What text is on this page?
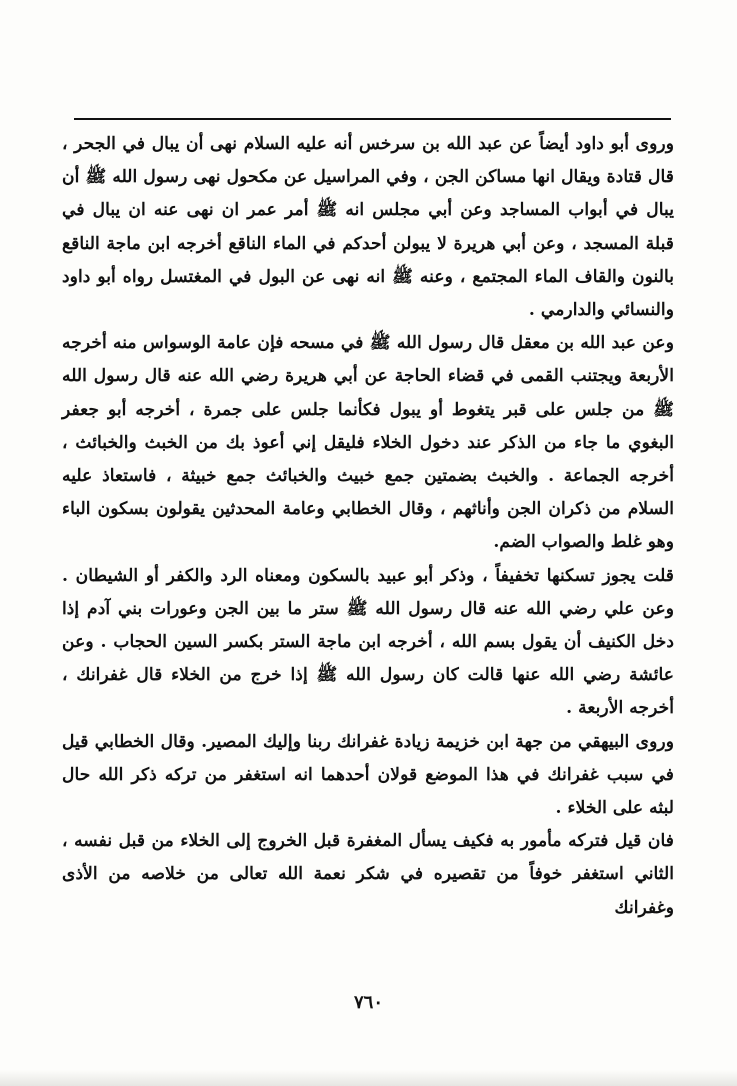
وروى أبو داود أيضاً عن عبد الله بن سرخس أنه عليه السلام نهى أن يبال في الجحر ، قال قتادة ويقال انها مساكن الجن ، وفي المراسيل عن مكحول نهى رسول الله ﷺ أن يبال في أبواب المساجد وعن أبي مجلس انه ﷺ أمر عمر ان نهى عنه ان يبال في قبلة المسجد ، وعن أبي هريرة لا يبولن أحدكم في الماء الناقع أخرجه ابن ماجة الناقع بالنون والقاف الماء المجتمع ، وعنه ﷺ انه نهى عن البول في المغتسل رواه أبو داود والنسائي والدارمي .

وعن عبد الله بن معقل قال رسول الله ﷺ في مسحه فإن عامة الوسواس منه أخرجه الأربعة ويجتنب القمى في قضاء الحاجة عن أبي هريرة رضي الله عنه قال رسول الله ﷺ من جلس على قبر يتغوط أو يبول فكأنما جلس على جمرة ، أخرجه أبو جعفر البغوي ما جاء من الذكر عند دخول الخلاء فليقل إني أعوذ بك من الخبث والخبائث ، أخرجه الجماعة . والخبث بضمتين جمع خبيث والخبائث جمع خبيثة ، فاستعاذ عليه السلام من ذكران الجن وأناثهم ، وقال الخطابي وعامة المحدثين يقولون بسكون الباء وهو غلط والصواب الضم.

قلت يجوز تسكنها تخفيفاً ، وذكر أبو عبيد بالسكون ومعناه الرد والكفر أو الشيطان . وعن علي رضي الله عنه قال رسول الله ﷺ ستر ما بين الجن وعورات بني آدم إذا دخل الكنيف أن يقول بسم الله ، أخرجه ابن ماجة الستر بكسر السين الحجاب . وعن عائشة رضي الله عنها قالت كان رسول الله ﷺ إذا خرج من الخلاء قال غفرانك ، أخرجه الأربعة .

وروى البيهقي من جهة ابن خزيمة زيادة غفرانك ربنا وإليك المصير. وقال الخطابي قيل في سبب غفرانك في هذا الموضع قولان أحدهما انه استغفر من تركه ذكر الله حال لبثه على الخلاء .

فان قيل فتركه مأمور به فكيف يسأل المغفرة قبل الخروج إلى الخلاء من قبل نفسه ، الثاني استغفر خوفاً من تقصيره في شكر نعمة الله تعالى من خلاصه من الأذى وغفرانك

٧٦٠
